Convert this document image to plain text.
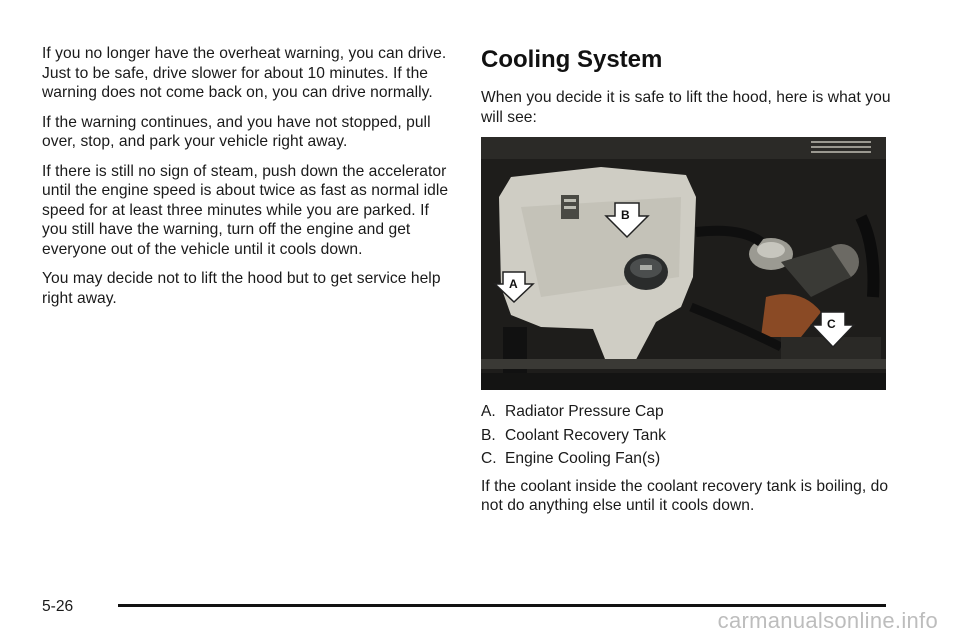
If you no longer have the overheat warning, you can drive. Just to be safe, drive slower for about 10 minutes. If the warning does not come back on, you can drive normally.

If the warning continues, and you have not stopped, pull over, stop, and park your vehicle right away.

If there is still no sign of steam, push down the accelerator until the engine speed is about twice as fast as normal idle speed for at least three minutes while you are parked. If you still have the warning, turn off the engine and get everyone out of the vehicle until it cools down.

You may decide not to lift the hood but to get service help right away.

Cooling System

When you decide it is safe to lift the hood, here is what you will see:

A
B
C
A. Radiator Pressure Cap
B. Coolant Recovery Tank
C. Engine Cooling Fan(s)

If the coolant inside the coolant recovery tank is boiling, do not do anything else until it cools down.

5-26
carmanualsonline.info
